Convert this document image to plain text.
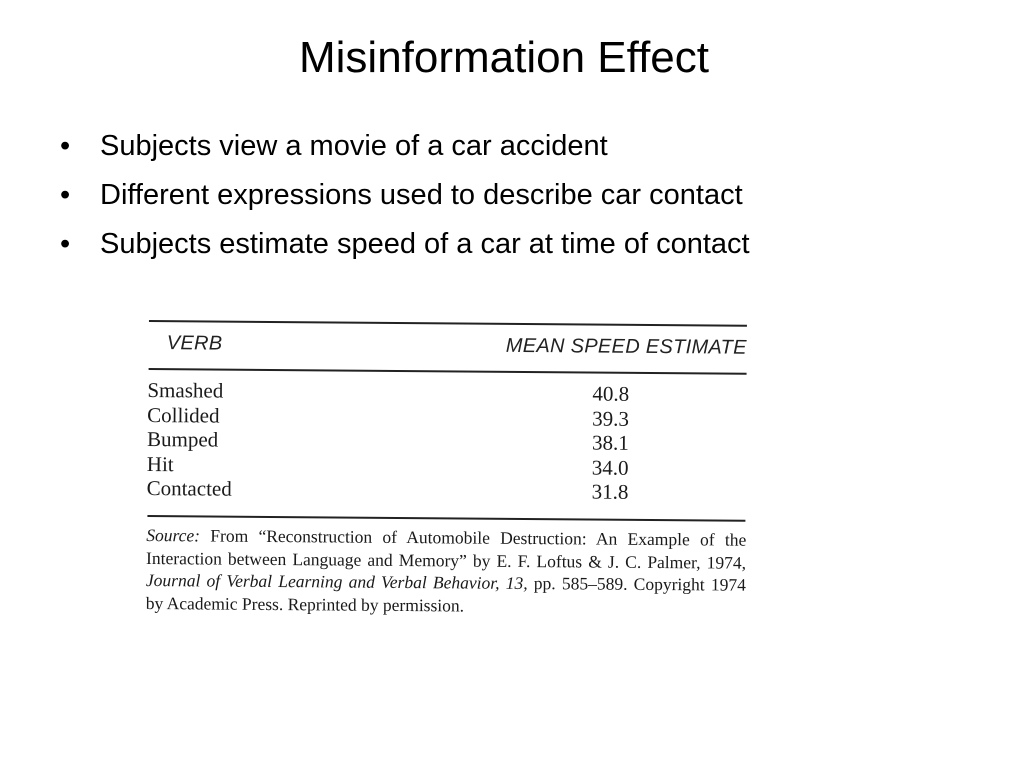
Misinformation Effect
• Subjects view a movie of a car accident
• Different expressions used to describe car contact
• Subjects estimate speed of a car at time of contact
VERB	MEAN SPEED ESTIMATE
Smashed	40.8
Collided	39.3
Bumped	38.1
Hit	34.0
Contacted	31.8
Source: From “Reconstruction of Automobile Destruction: An Example of the Interaction between Language and Memory” by E. F. Loftus & J. C. Palmer, 1974, Journal of Verbal Learning and Verbal Behavior, 13, pp. 585–589. Copyright 1974 by Academic Press. Reprinted by permission.
